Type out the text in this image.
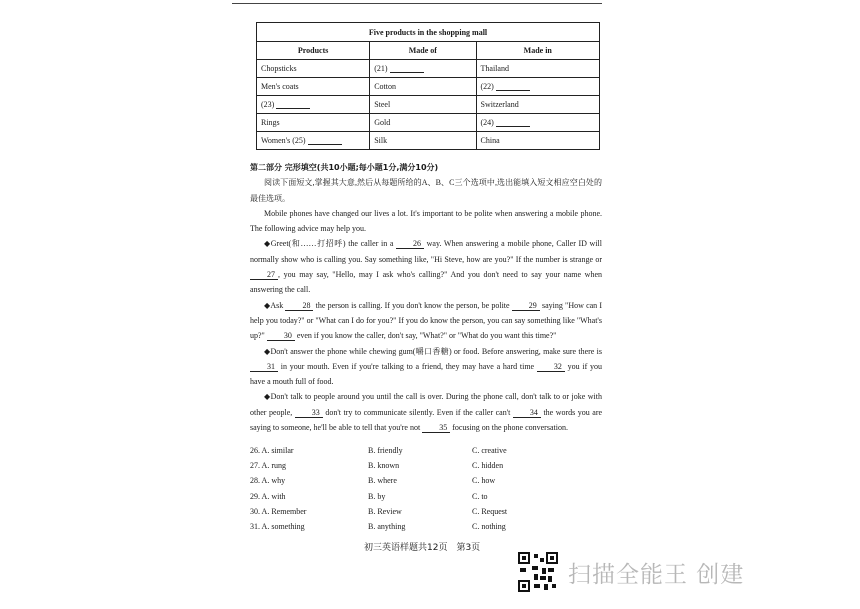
Five products in the shopping mall		
Products	Made of	Made in
Chopsticks	(21)	Thailand
Men's coats	Cotton	(22)
(23)	Steel	Switzerland
Rings	Gold	(24)
Women's (25)	Silk	China

第二部分 完形填空(共10小题;每小题1分,满分10分)

阅读下面短文,掌握其大意,然后从每题所给的A、B、C三个选项中,选出能填入短文相应空白处的最佳选项。

Mobile phones have changed our lives a lot. It's important to be polite when answering a mobile phone. The following advice may help you.

◆Greet(和……打招呼) the caller in a 26 way. When answering a mobile phone, Caller ID will normally show who is calling you. Say something like, "Hi Steve, how are you?" If the number is strange or 27 , you may say, "Hello, may I ask who's calling?" And you don't need to say your name when answering the call.

◆Ask 28 the person is calling. If you don't know the person, be polite 29 saying "How can I help you today?" or "What can I do for you?" If you do know the person, you can say something like "What's up?" 30 even if you know the caller, don't say, "What?" or "What do you want this time?"

◆Don't answer the phone while chewing gum(嚼口香糖) or food. Before answering, make sure there is 31 in your mouth. Even if you're talking to a friend, they may have a hard time 32 you if you have a mouth full of food.

◆Don't talk to people around you until the call is over. During the phone call, don't talk to or joke with other people, 33 don't try to communicate silently. Even if the caller can't 34 the words you are saying to someone, he'll be able to tell that you're not 35 focusing on the phone conversation.

26. A. similar	B. friendly	C. creative
27. A. rung	B. known	C. hidden
28. A. why	B. where	C. how
29. A. with	B. by	C. to
30. A. Remember	B. Review	C. Request
31. A. something	B. anything	C. nothing
初三英语样题共12页　第3页
扫描全能王 创建
